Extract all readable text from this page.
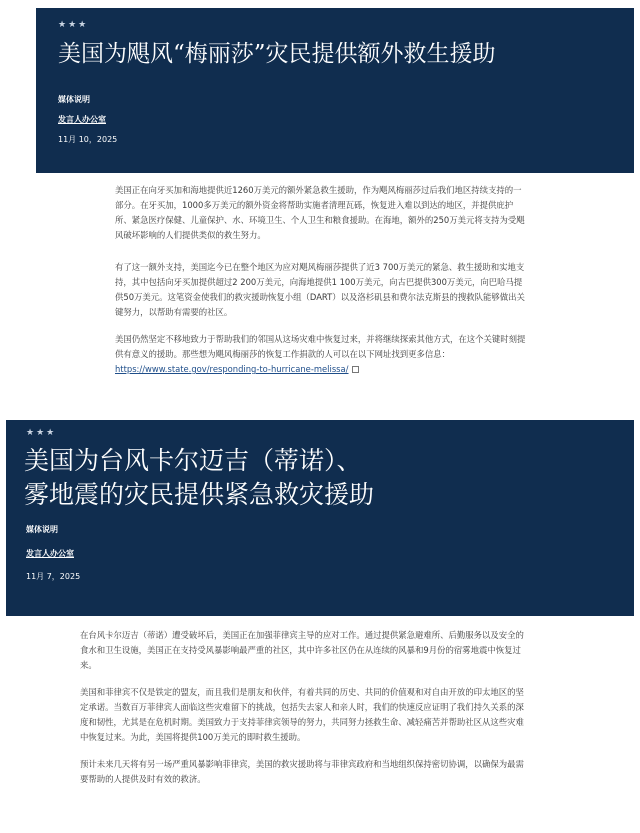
★★★
美国为飓风“梅丽莎”灾民提供额外救生援助
媒体说明
发言人办公室
11月 10，2025

美国正在向牙买加和海地提供近1260万美元的额外紧急救生援助，作为飓风梅丽莎过后我们地区持续支持的一部分。在牙买加，1000多万美元的额外资金将帮助实施者清理瓦砾，恢复进入难以到达的地区，并提供庇护所、紧急医疗保健、儿童保护、水、环境卫生、个人卫生和粮食援助。在海地，额外的250万美元将支持为受飓风破坏影响的人们提供类似的救生努力。

有了这一额外支持，美国迄今已在整个地区为应对飓风梅丽莎提供了近3 700万美元的紧急、救生援助和实地支持，其中包括向牙买加提供超过2 200万美元，向海地提供1 100万美元，向古巴提供300万美元，向巴哈马提供50万美元。这笔资金使我们的救灾援助恢复小组（DART）以及洛杉矶县和费尔法克斯县的搜救队能够做出关键努力，以帮助有需要的社区。

美国仍然坚定不移地致力于帮助我们的邻国从这场灾难中恢复过来，并将继续探索其他方式，在这个关键时刻提供有意义的援助。那些想为飓风梅丽莎的恢复工作捐款的人可以在以下网址找到更多信息：
https://www.state.gov/responding-to-hurricane-melissa/

★★★
美国为台风卡尔迈吉（蒂诺）、
雾地震的灾民提供紧急救灾援助
媒体说明
发言人办公室
11月 7，2025

在台风卡尔迈吉（蒂诺）遭受破坏后，美国正在加强菲律宾主导的应对工作。通过提供紧急避难所、后勤服务以及安全的食水和卫生设施，美国正在支持受风暴影响最严重的社区，其中许多社区仍在从连续的风暴和9月份的宿雾地震中恢复过来。

美国和菲律宾不仅是铁定的盟友，而且我们是朋友和伙伴，有着共同的历史、共同的价值观和对自由开放的印太地区的坚定承诺。当数百万菲律宾人面临这些灾难留下的挑战，包括失去家人和亲人时，我们的快速反应证明了我们持久关系的深度和韧性，尤其是在危机时期。美国致力于支持菲律宾领导的努力，共同努力拯救生命、减轻痛苦并帮助社区从这些灾难中恢复过来。为此，美国将提供100万美元的即时救生援助。

预计未来几天将有另一场严重风暴影响菲律宾，美国的救灾援助将与菲律宾政府和当地组织保持密切协调，以确保为最需要帮助的人提供及时有效的救济。
